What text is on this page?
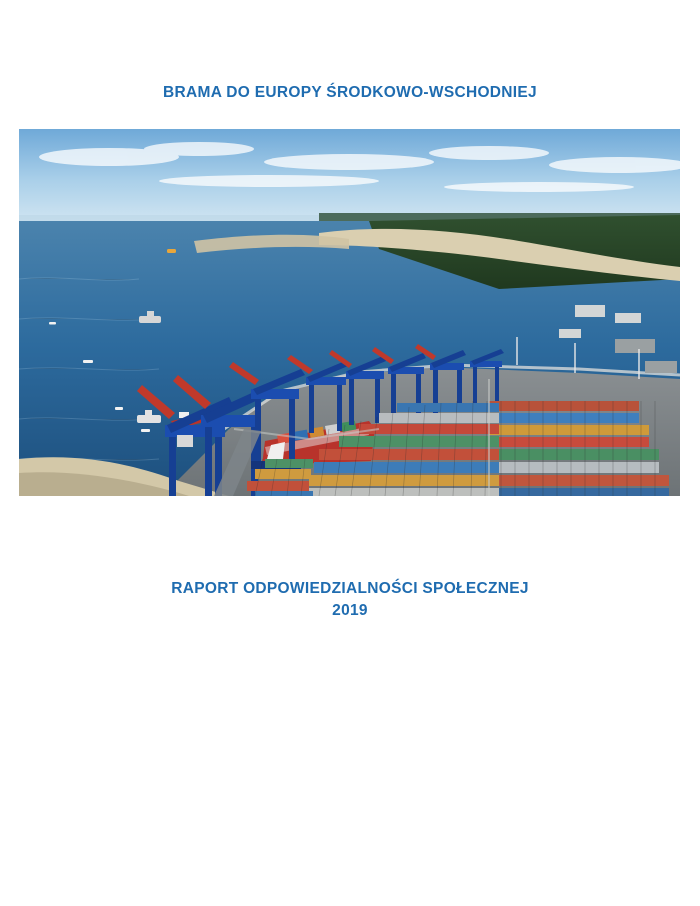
BRAMA DO EUROPY ŚRODKOWO-WSCHODNIEJ
RAPORT ODPOWIEDZIALNOŚCI SPOŁECZNEJ
2019
